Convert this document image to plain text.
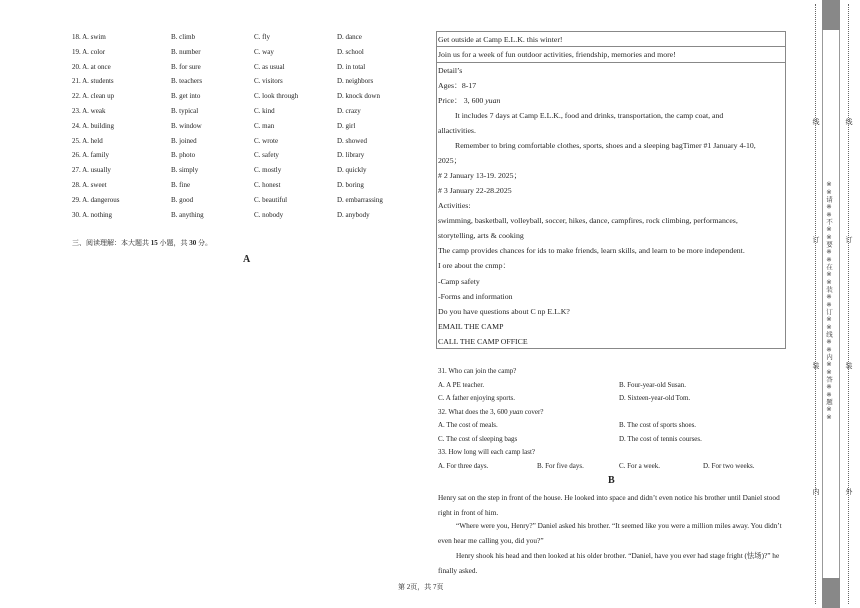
18. A. swim	B. climb	C. fly	D. dance
19. A. color	B. number	C. way	D. school
20. A. at once	B. for sure	C. as usual	D. in total
21. A. students	B. teachers	C. visitors	D. neighbors
22. A. clean up	B. get into	C. look through	D. knock down
23. A. weak	B. typical	C. kind	D. crazy
24. A. building	B. window	C. man	D. girl
25. A. held	B. joined	C. wrote	D. showed
26. A. family	B. photo	C. safety	D. library
27. A. usually	B. simply	C. mostly	D. quickly
28. A. sweet	B. fine	C. honest	D. boring
29. A. dangerous	B. good	C. beautiful	D. embarrassing
30. A. nothing	B. anything	C. nobody	D. anybody
三、阅读理解：本大题共 15 小题，共 30 分。
A
Get outside at Camp E.L.K. this winter!
Join us for a week of fun outdoor activities, friendship, memories and more!
Detail’s
Ages：8-17
Price： 3, 600 yuan
It includes 7 days at Camp E.L.K., food and drinks, transportation, the camp coat, and
allactivities.
Remember to bring comfortable clothes, sports, shoes and a sleeping bagTimer #1 January 4-10,
2025；
# 2 January 13-19. 2025；
# 3 January 22-28.2025
Activities:
swimming, basketball, volleyball, soccer, hikes, dance, campfires, rock climbing, performances,
storytelling, arts & cooking
The camp provides chances for ids to make friends, learn skills, and learn to be more independent.
I ore about the cnmp：
-Camp safety
-Forms and information
Do you have questions about C np E.L.K?
EMAIL THE CAMP
CALL THE CAMP OFFICE
31. Who can join the camp?
A. A PE teacher.	B. Four-year-old Susan.
C. A father enjoying sports.	D. Sixteen-year-old Tom.
32. What does the 3, 600 yuan cover?
A. The cost of meals.	B. The cost of sports shoes.
C. The cost of sleeping bags	D. The cost of tennis courses.
33. How long will each camp last?
A. For three days.	B. For five days.	C. For a week.	D. For two weeks.
B
Henry sat on the step in front of the house. He looked into space and didn’t even notice his brother until Daniel stood right in front of him.
“Where were you, Henry?” Daniel asked his brother. “It seemed like you were a million miles away. You didn’t even hear me calling you, did you?”
Henry shook his head and then looked at his older brother. “Daniel, have you ever had stage fright (怯场)?” he finally asked.
第 2页，共 7页
※※请※※不※※要※※在※※装※※订※※线※※内※※答※※题※※
内
装
订
线
外
装
订
线
